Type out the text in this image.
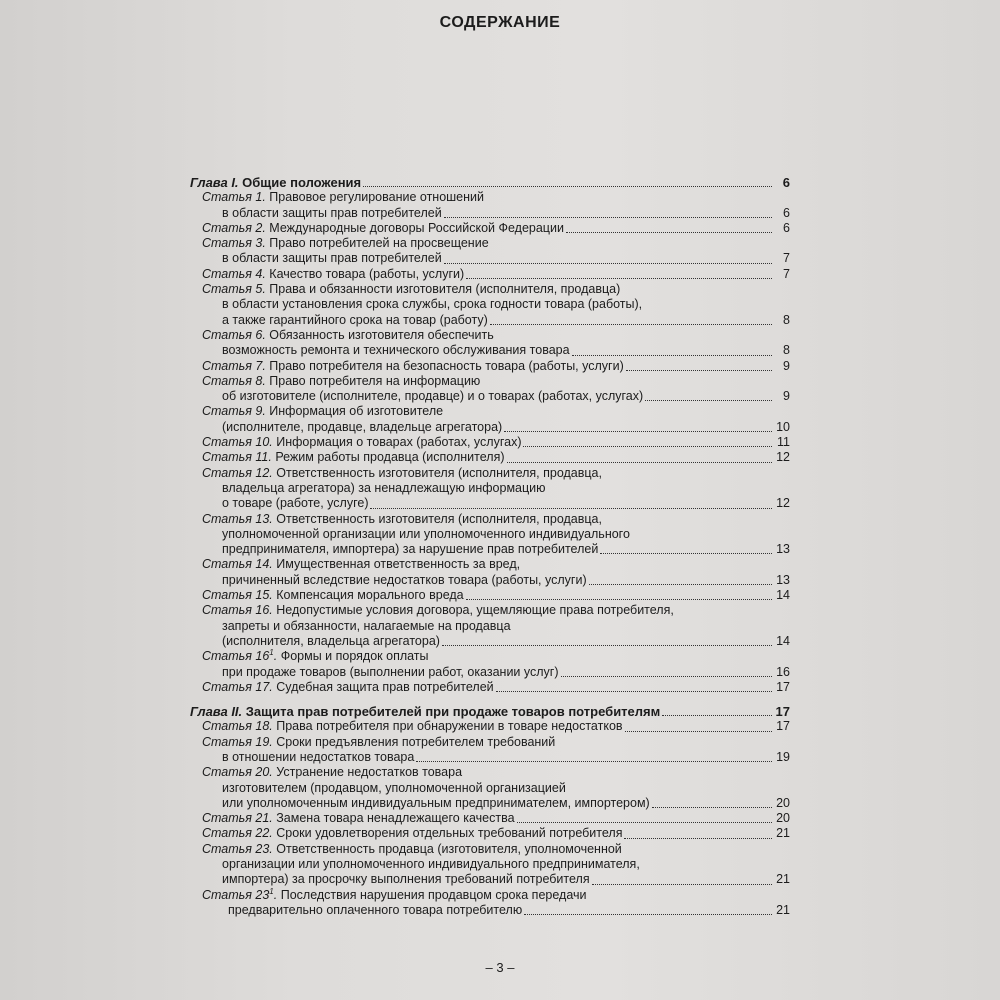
СОДЕРЖАНИЕ
Глава I. Общие положения	6
Статья 1. Правовое регулирование отношений
в области защиты прав потребителей	6
Статья 2. Международные договоры Российской Федерации	6
Статья 3. Право потребителей на просвещение
в области защиты прав потребителей	7
Статья 4. Качество товара (работы, услуги)	7
Статья 5. Права и обязанности изготовителя (исполнителя, продавца)
в области установления срока службы, срока годности товара (работы),
а также гарантийного срока на товар (работу)	8
Статья 6. Обязанность изготовителя обеспечить
возможность ремонта и технического обслуживания товара	8
Статья 7. Право потребителя на безопасность товара (работы, услуги)	9
Статья 8. Право потребителя на информацию
об изготовителе (исполнителе, продавце) и о товарах (работах, услугах)	9
Статья 9. Информация об изготовителе
(исполнителе, продавце, владельце агрегатора)	10
Статья 10. Информация о товарах (работах, услугах)	11
Статья 11. Режим работы продавца (исполнителя)	12
Статья 12. Ответственность изготовителя (исполнителя, продавца,
владельца агрегатора) за ненадлежащую информацию
о товаре (работе, услуге)	12
Статья 13. Ответственность изготовителя (исполнителя, продавца,
уполномоченной организации или уполномоченного индивидуального
предпринимателя, импортера) за нарушение прав потребителей	13
Статья 14. Имущественная ответственность за вред,
причиненный вследствие недостатков товара (работы, услуги)	13
Статья 15. Компенсация морального вреда	14
Статья 16. Недопустимые условия договора, ущемляющие права потребителя,
запреты и обязанности, налагаемые на продавца
(исполнителя, владельца агрегатора)	14
Статья $16^1$. Формы и порядок оплаты
при продаже товаров (выполнении работ, оказании услуг)	16
Статья 17. Судебная защита прав потребителей	17
Глава II. Защита прав потребителей при продаже товаров потребителям	17
Статья 18. Права потребителя при обнаружении в товаре недостатков	17
Статья 19. Сроки предъявления потребителем требований
в отношении недостатков товара	19
Статья 20. Устранение недостатков товара
изготовителем (продавцом, уполномоченной организацией
или уполномоченным индивидуальным предпринимателем, импортером)	20
Статья 21. Замена товара ненадлежащего качества	20
Статья 22. Сроки удовлетворения отдельных требований потребителя	21
Статья 23. Ответственность продавца (изготовителя, уполномоченной
организации или уполномоченного индивидуального предпринимателя,
импортера) за просрочку выполнения требований потребителя	21
Статья $23^1$. Последствия нарушения продавцом срока передачи
предварительно оплаченного товара потребителю	21
– 3 –
